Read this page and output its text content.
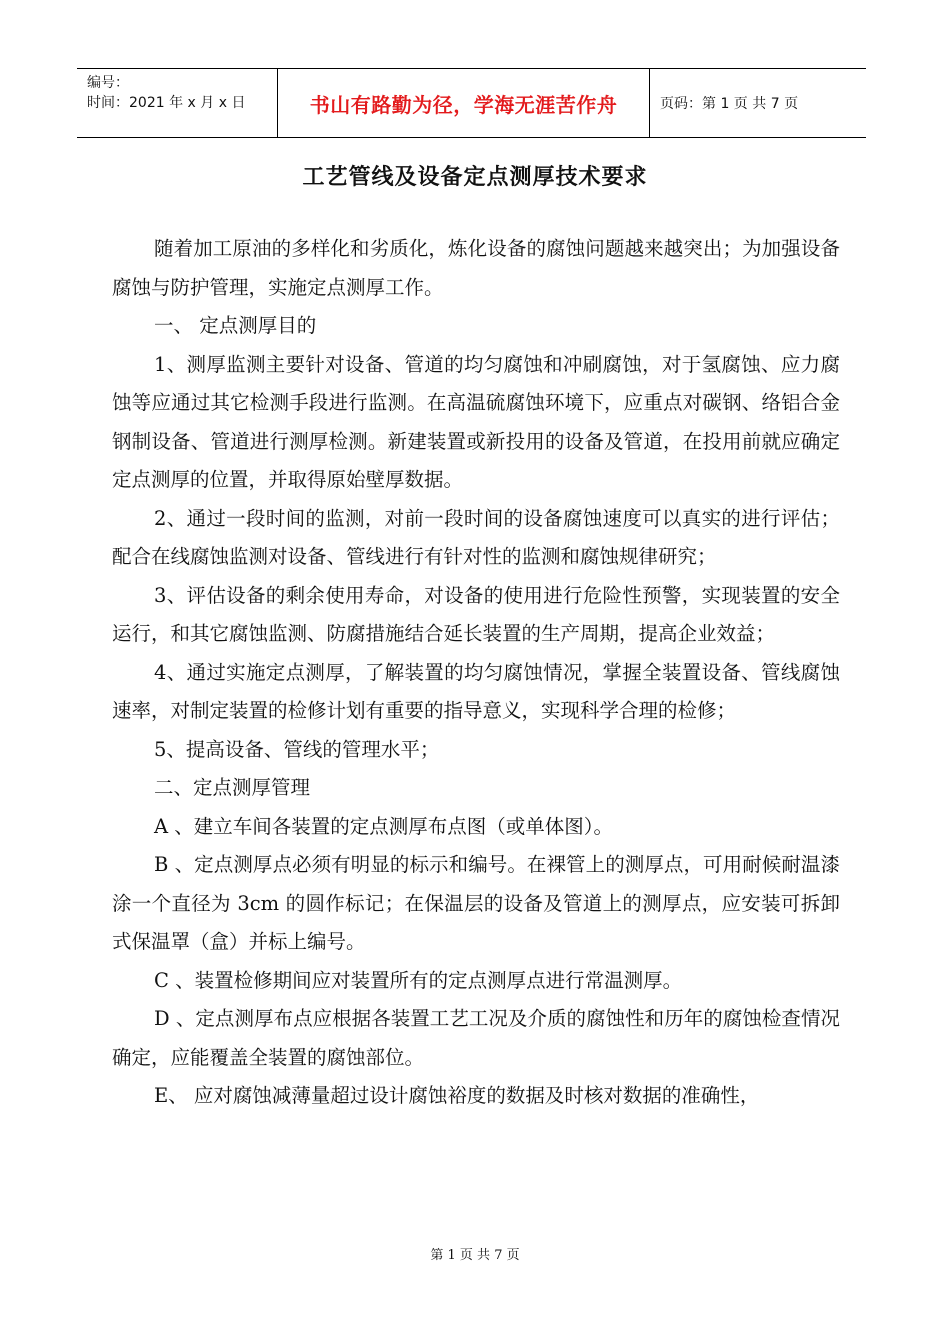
编号：
时间：2021 年 x 月 x 日	书山有路勤为径，学海无涯苦作舟	页码：第 1 页 共 7 页
工艺管线及设备定点测厚技术要求

随着加工原油的多样化和劣质化，炼化设备的腐蚀问题越来越突出；为加强设备腐蚀与防护管理，实施定点测厚工作。

一、 定点测厚目的

1、测厚监测主要针对设备、管道的均匀腐蚀和冲刷腐蚀，对于氢腐蚀、应力腐蚀等应通过其它检测手段进行监测。在高温硫腐蚀环境下，应重点对碳钢、络铝合金钢制设备、管道进行测厚检测。新建装置或新投用的设备及管道，在投用前就应确定定点测厚的位置，并取得原始壁厚数据。

2、通过一段时间的监测，对前一段时间的设备腐蚀速度可以真实的进行评估；配合在线腐蚀监测对设备、管线进行有针对性的监测和腐蚀规律研究；

3、评估设备的剩余使用寿命，对设备的使用进行危险性预警，实现装置的安全运行，和其它腐蚀监测、防腐措施结合延长装置的生产周期，提高企业效益；

4、通过实施定点测厚，了解装置的均匀腐蚀情况，掌握全装置设备、管线腐蚀速率，对制定装置的检修计划有重要的指导意义，实现科学合理的检修；

5、提高设备、管线的管理水平；

二、定点测厚管理

A 、建立车间各装置的定点测厚布点图（或单体图）。

B 、定点测厚点必须有明显的标示和编号。在裸管上的测厚点，可用耐候耐温漆涂一个直径为 3cm 的圆作标记；在保温层的设备及管道上的测厚点，应安装可拆卸式保温罩（盒）并标上编号。

C 、装置检修期间应对装置所有的定点测厚点进行常温测厚。

D 、定点测厚布点应根据各装置工艺工况及介质的腐蚀性和历年的腐蚀检查情况确定，应能覆盖全装置的腐蚀部位。

E、 应对腐蚀减薄量超过设计腐蚀裕度的数据及时核对数据的准确性，

第 1 页 共 7 页
